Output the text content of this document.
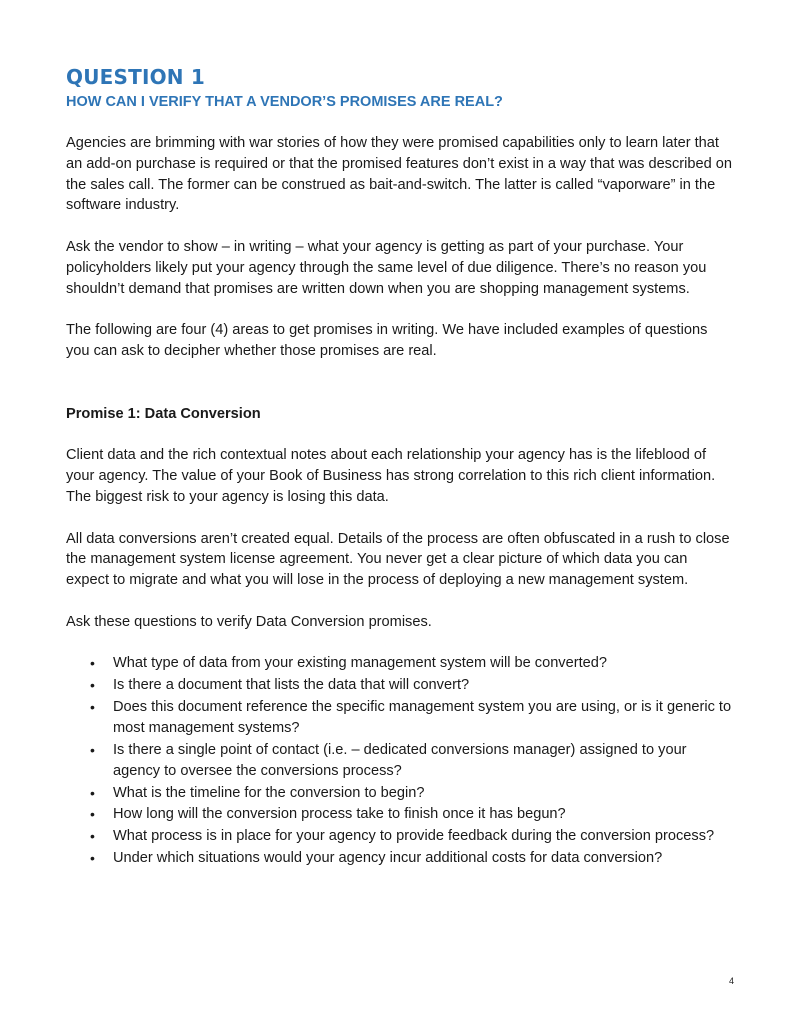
QUESTION 1
HOW CAN I VERIFY THAT A VENDOR’S PROMISES ARE REAL?

Agencies are brimming with war stories of how they were promised capabilities only to learn later that an add-on purchase is required or that the promised features don’t exist in a way that was described on the sales call. The former can be construed as bait-and-switch. The latter is called “vaporware” in the software industry.

Ask the vendor to show – in writing – what your agency is getting as part of your purchase. Your policyholders likely put your agency through the same level of due diligence. There’s no reason you shouldn’t demand that promises are written down when you are shopping management systems.

The following are four (4) areas to get promises in writing. We have included examples of questions you can ask to decipher whether those promises are real.

Promise 1: Data Conversion

Client data and the rich contextual notes about each relationship your agency has is the lifeblood of your agency. The value of your Book of Business has strong correlation to this rich client information. The biggest risk to your agency is losing this data.

All data conversions aren’t created equal. Details of the process are often obfuscated in a rush to close the management system license agreement. You never get a clear picture of which data you can expect to migrate and what you will lose in the process of deploying a new management system.

Ask these questions to verify Data Conversion promises.

• What type of data from your existing management system will be converted?
• Is there a document that lists the data that will convert?
• Does this document reference the specific management system you are using, or is it generic to most management systems?
• Is there a single point of contact (i.e. – dedicated conversions manager) assigned to your agency to oversee the conversions process?
• What is the timeline for the conversion to begin?
• How long will the conversion process take to finish once it has begun?
• What process is in place for your agency to provide feedback during the conversion process?
• Under which situations would your agency incur additional costs for data conversion?
4
